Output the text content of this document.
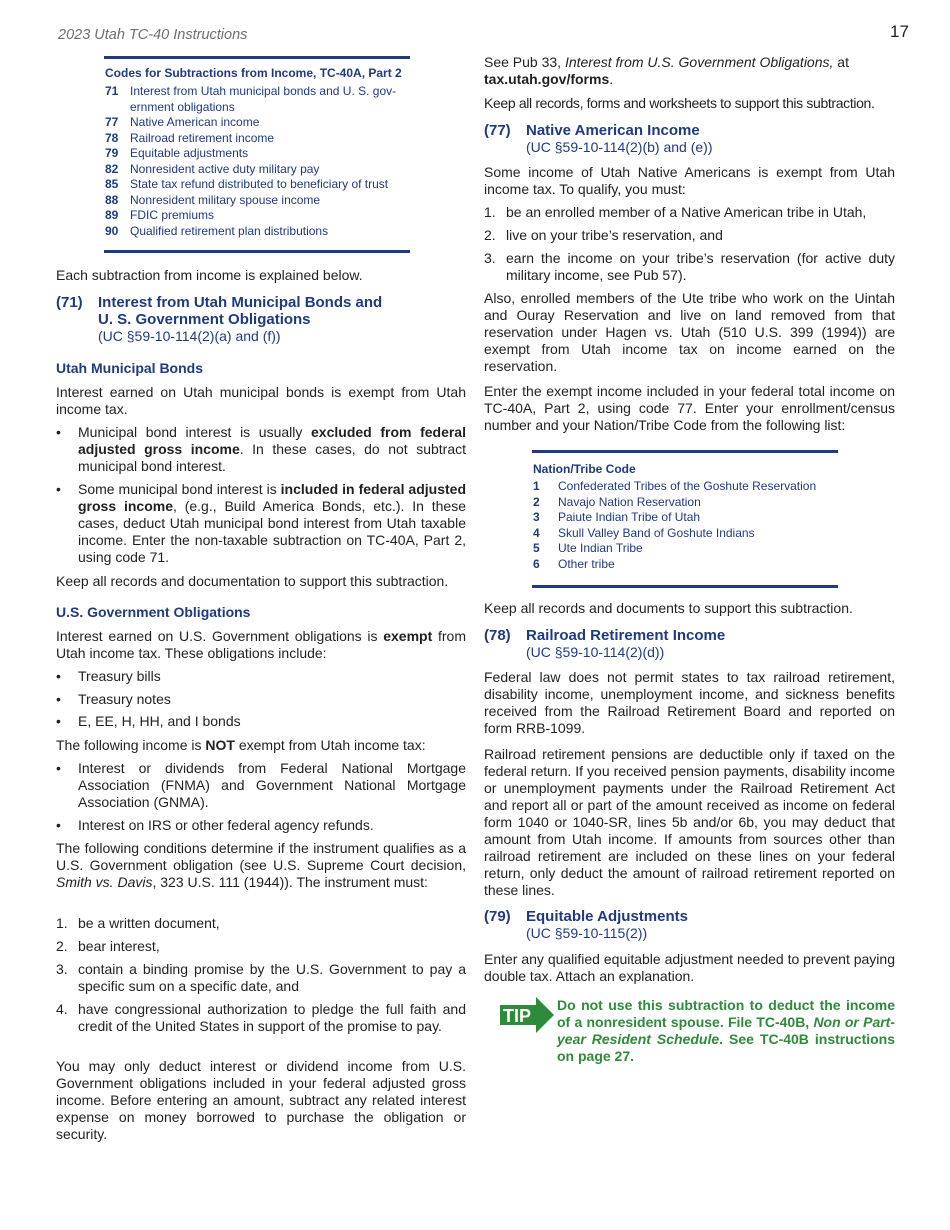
2023 Utah TC-40 Instructions	17
Codes for Subtractions from Income, TC-40A, Part 2
71 Interest from Utah municipal bonds and U. S. gov-
ernment obligations
77 Native American income
78 Railroad retirement income
79 Equitable adjustments
82 Nonresident active duty military pay
85 State tax refund distributed to beneficiary of trust
88 Nonresident military spouse income
89 FDIC premiums
90 Qualified retirement plan distributions

Each subtraction from income is explained below.

(71)	Interest from Utah Municipal Bonds and
U. S. Government Obligations
(UC §59-10-114(2)(a) and (f))
Utah Municipal Bonds

Interest earned on Utah municipal bonds is exempt from Utah income tax.

•	Municipal bond interest is usually excluded from federal adjusted gross income. In these cases, do not subtract municipal bond interest.
•	Some municipal bond interest is included in federal adjusted gross income, (e.g., Build America Bonds, etc.). In these cases, deduct Utah municipal bond interest from Utah taxable income. Enter the non-taxable subtraction on TC-40A, Part 2, using code 71.

Keep all records and documentation to support this subtraction.

U.S. Government Obligations

Interest earned on U.S. Government obligations is exempt from Utah income tax. These obligations include:

•	Treasury bills
•	Treasury notes
•	E, EE, H, HH, and I bonds

The following income is NOT exempt from Utah income tax:

•	Interest or dividends from Federal National Mortgage Association (FNMA) and Government National Mortgage Association (GNMA).
•	Interest on IRS or other federal agency refunds.

The following conditions determine if the instrument qualifies as a U.S. Government obligation (see U.S. Supreme Court decision, Smith vs. Davis, 323 U.S. 111 (1944)). The instrument must:

1. be a written document,
2. bear interest,
3. contain a binding promise by the U.S. Government to pay a specific sum on a specific date, and
4. have congressional authorization to pledge the full faith and credit of the United States in support of the promise to pay.

You may only deduct interest or dividend income from U.S. Government obligations included in your federal adjusted gross income. Before entering an amount, subtract any related interest expense on money borrowed to purchase the obligation or security.

See Pub 33, Interest from U.S. Government Obligations, at tax.utah.gov/forms.

Keep all records, forms and worksheets to support this subtraction.

(77)	Native American Income
(UC §59-10-114(2)(b) and (e))

Some income of Utah Native Americans is exempt from Utah income tax. To qualify, you must:

1. be an enrolled member of a Native American tribe in Utah,
2. live on your tribe’s reservation, and
3. earn the income on your tribe’s reservation (for active duty military income, see Pub 57).

Also, enrolled members of the Ute tribe who work on the Uintah and Ouray Reservation and live on land removed from that reservation under Hagen vs. Utah (510 U.S. 399 (1994)) are exempt from Utah income tax on income earned on the reservation.

Enter the exempt income included in your federal total income on TC-40A, Part 2, using code 77. Enter your enrollment/census number and your Nation/Tribe Code from the following list:

Nation/Tribe Code
1	Confederated Tribes of the Goshute Reservation
2	Navajo Nation Reservation
3	Paiute Indian Tribe of Utah
4	Skull Valley Band of Goshute Indians
5	Ute Indian Tribe
6	Other tribe

Keep all records and documents to support this subtraction.

(78)	Railroad Retirement Income
(UC §59-10-114(2)(d))

Federal law does not permit states to tax railroad retirement, disability income, unemployment income, and sickness benefits received from the Railroad Retirement Board and reported on form RRB-1099.

Railroad retirement pensions are deductible only if taxed on the federal return. If you received pension payments, disability income or unemployment payments under the Railroad Retirement Act and report all or part of the amount received as income on federal form 1040 or 1040-SR, lines 5b and/or 6b, you may deduct that amount from Utah income. If amounts from sources other than railroad retirement are included on these lines on your federal return, only deduct the amount of railroad retirement reported on these lines.

(79)	Equitable Adjustments
(UC §59-10-115(2))

Enter any qualified equitable adjustment needed to prevent paying double tax. Attach an explanation.

TIP
Do not use this subtraction to deduct the income of a nonresident spouse. File TC-40B, Non or Part-year Resident Schedule. See TC-40B instructions on page 27.
